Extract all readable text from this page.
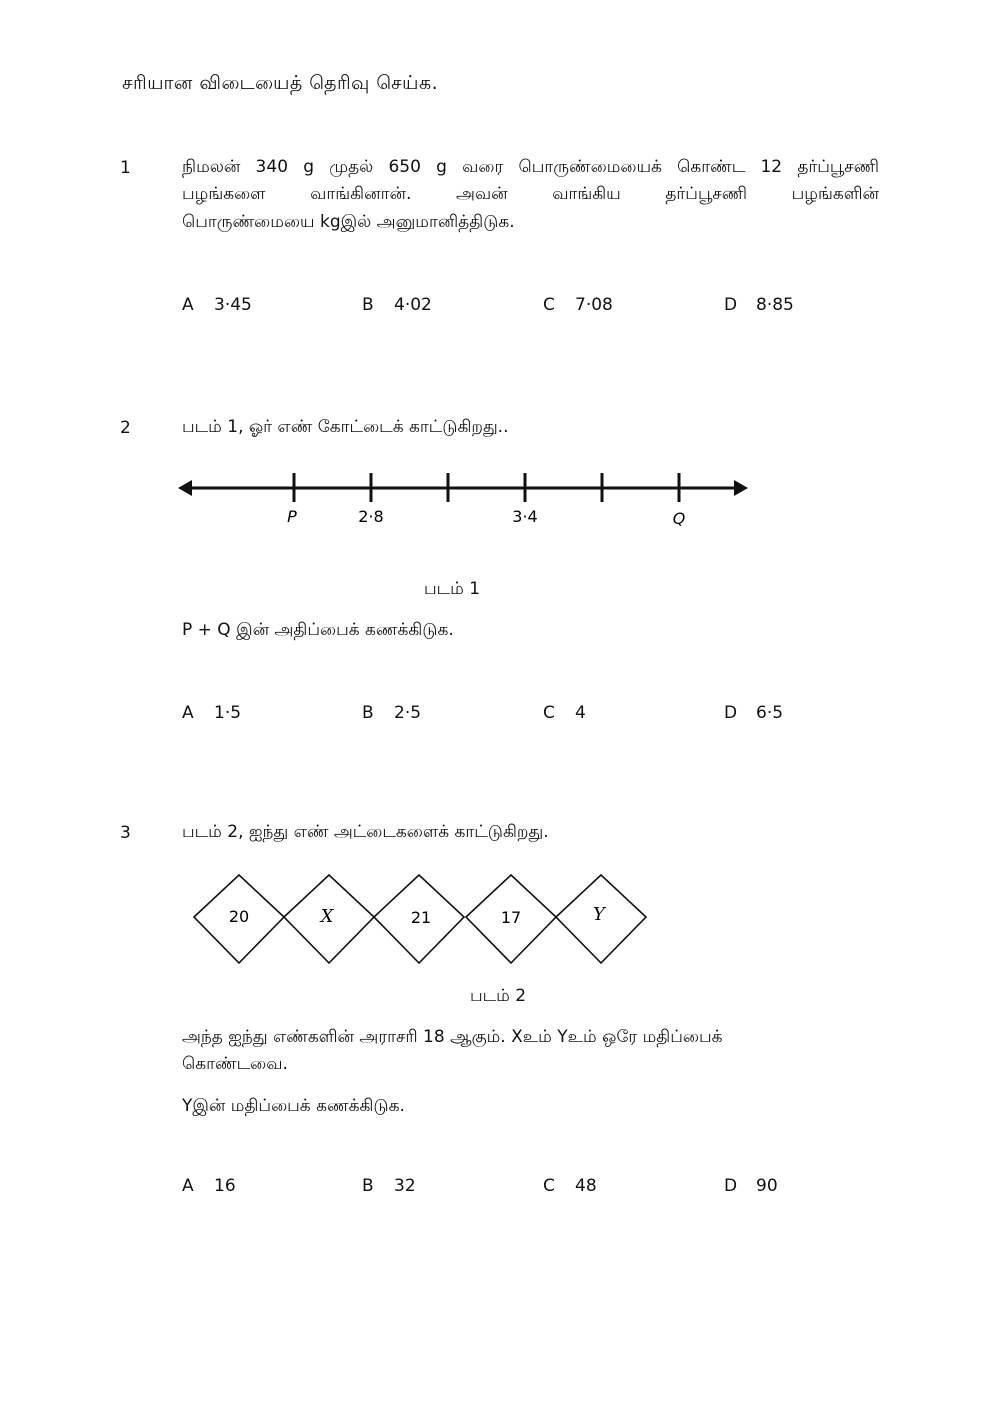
சரியான விடையைத் தெரிவு செய்க.
1	நிமலன் 340 g முதல் 650 g வரை பொருண்மையைக் கொண்ட 12 தர்ப்பூசணி
பழங்களை வாங்கினான். அவன் வாங்கிய தர்ப்பூசணி பழங்களின்
பொருண்மையை kgஇல் அனுமானித்திடுக.
A 3·45	B 4·02	C 7·08	D 8·85
2	படம் 1, ஓர் எண் கோட்டைக் காட்டுகிறது..
P	2·8	3·4	Q
படம் 1
P + Q இன் அதிப்பைக் கணக்கிடுக.
A 1·5	B 2·5	C 4	D 6·5
3	படம் 2, ஐந்து எண் அட்டைகளைக் காட்டுகிறது.
20	X	21	17	Y
படம் 2
அந்த ஐந்து எண்களின் அராசரி 18 ஆகும். Xஉம் Yஉம் ஒரே மதிப்பைக்
கொண்டவை.
Yஇன் மதிப்பைக் கணக்கிடுக.
A 16	B 32	C 48	D 90
